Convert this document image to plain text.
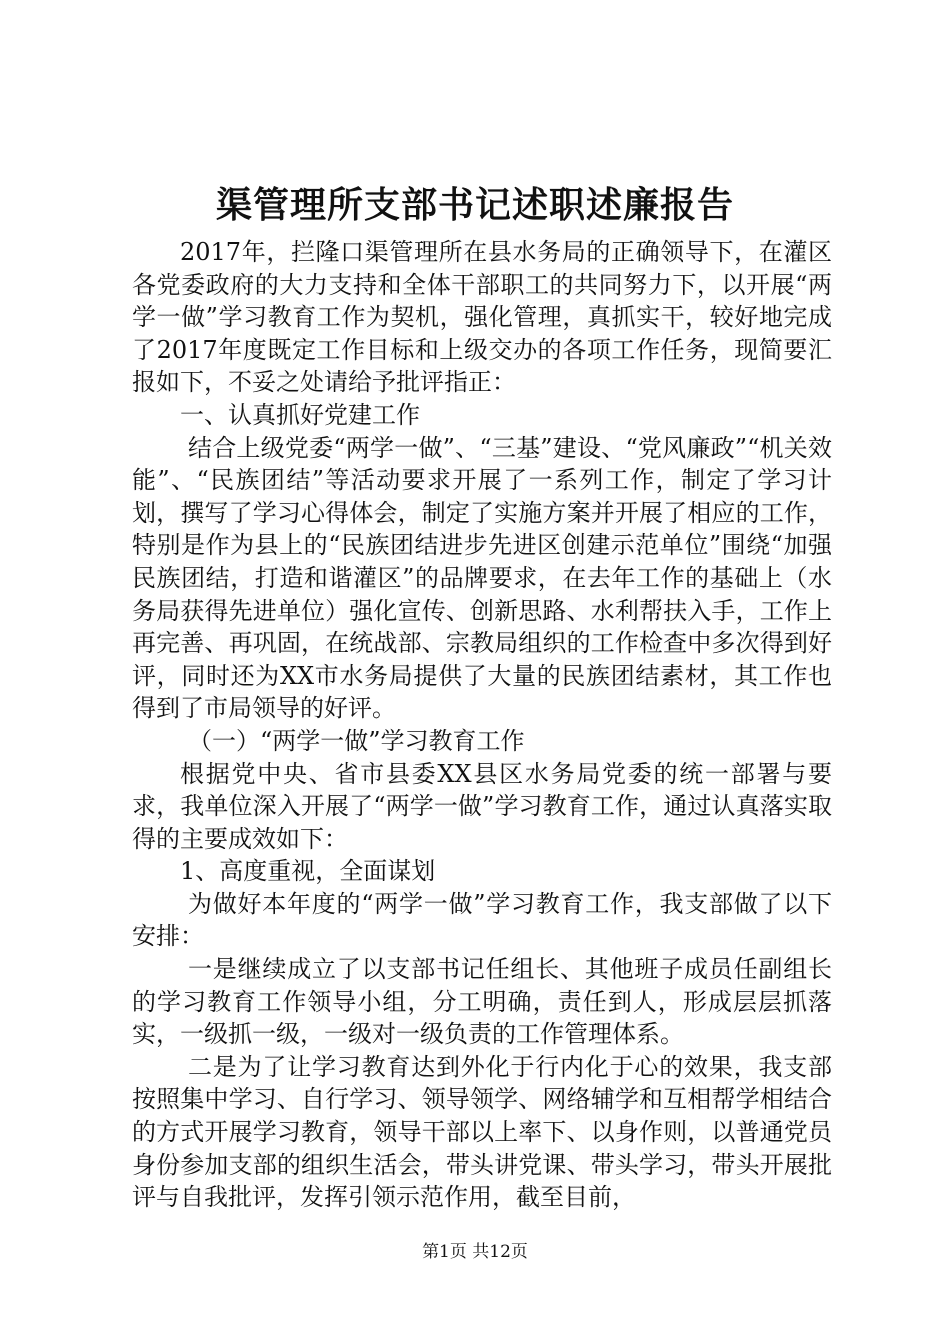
渠管理所支部书记述职述廉报告

2017年，拦隆口渠管理所在县水务局的正确领导下，在灌区各党委政府的大力支持和全体干部职工的共同努力下，以开展“两学一做”学习教育工作为契机，强化管理，真抓实干，较好地完成了2017年度既定工作目标和上级交办的各项工作任务，现简要汇报如下，不妥之处请给予批评指正：

一、认真抓好党建工作

结合上级党委“两学一做”、“三基”建设、“党风廉政”“机关效能”、“民族团结”等活动要求开展了一系列工作，制定了学习计划，撰写了学习心得体会，制定了实施方案并开展了相应的工作，特别是作为县上的“民族团结进步先进区创建示范单位”围绕“加强民族团结，打造和谐灌区”的品牌要求，在去年工作的基础上（水务局获得先进单位）强化宣传、创新思路、水利帮扶入手，工作上再完善、再巩固，在统战部、宗教局组织的工作检查中多次得到好评，同时还为XX市水务局提供了大量的民族团结素材，其工作也得到了市局领导的好评。

（一）“两学一做”学习教育工作

根据党中央、省市县委XX县区水务局党委的统一部署与要求，我单位深入开展了“两学一做”学习教育工作，通过认真落实取得的主要成效如下：

1、高度重视，全面谋划

为做好本年度的“两学一做”学习教育工作，我支部做了以下安排：

一是继续成立了以支部书记任组长、其他班子成员任副组长的学习教育工作领导小组，分工明确，责任到人，形成层层抓落实，一级抓一级，一级对一级负责的工作管理体系。

二是为了让学习教育达到外化于行内化于心的效果，我支部按照集中学习、自行学习、领导领学、网络辅学和互相帮学相结合的方式开展学习教育，领导干部以上率下、以身作则，以普通党员身份参加支部的组织生活会，带头讲党课、带头学习，带头开展批评与自我批评，发挥引领示范作用，截至目前，

第1页 共12页
